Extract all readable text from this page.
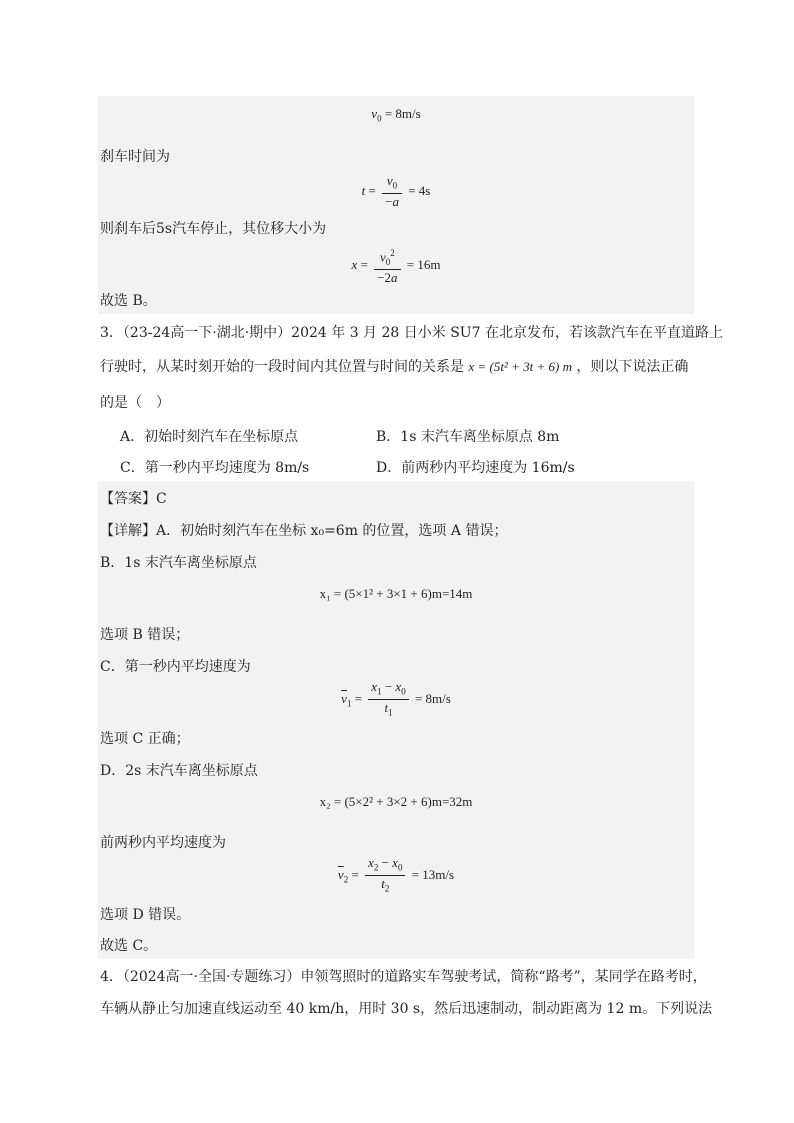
$v_0 = 8m/s$
刹车时间为
$t = \frac{v_0}{-a} = 4s$
则刹车后5s汽车停止，其位移大小为
$x = \frac{v_0^2}{-2a} = 16m$
故选 B。
3．（23-24高一下·湖北·期中）2024 年 3 月 28 日小米 SU7 在北京发布，若该款汽车在平直道路上
行驶时，从某时刻开始的一段时间内其位置与时间的关系是 x = (5t² + 3t + 6) m ，则以下说法正确
的是（　）
A．初始时刻汽车在坐标原点	B．1s 末汽车离坐标原点 8m
C．第一秒内平均速度为 8m/s	D．前两秒内平均速度为 16m/s
【答案】C
【详解】A．初始时刻汽车在坐标 x₀=6m 的位置，选项 A 错误；
B．1s 末汽车离坐标原点
x₁ = (5×1² + 3×1 + 6)m=14m
选项 B 错误；
C．第一秒内平均速度为
$\overline{v}_1 = \frac{x_1 - x_0}{t_1} = 8m/s$
选项 C 正确；
D．2s 末汽车离坐标原点
x₂ = (5×2² + 3×2 + 6)m=32m
前两秒内平均速度为
$\overline{v}_2 = \frac{x_2 - x_0}{t_2} = 13m/s$
选项 D 错误。
故选 C。
4．（2024高一·全国·专题练习）申领驾照时的道路实车驾驶考试，简称“路考”，某同学在路考时，
车辆从静止匀加速直线运动至 40 km/h，用时 30 s，然后迅速制动，制动距离为 12 m。下列说法
